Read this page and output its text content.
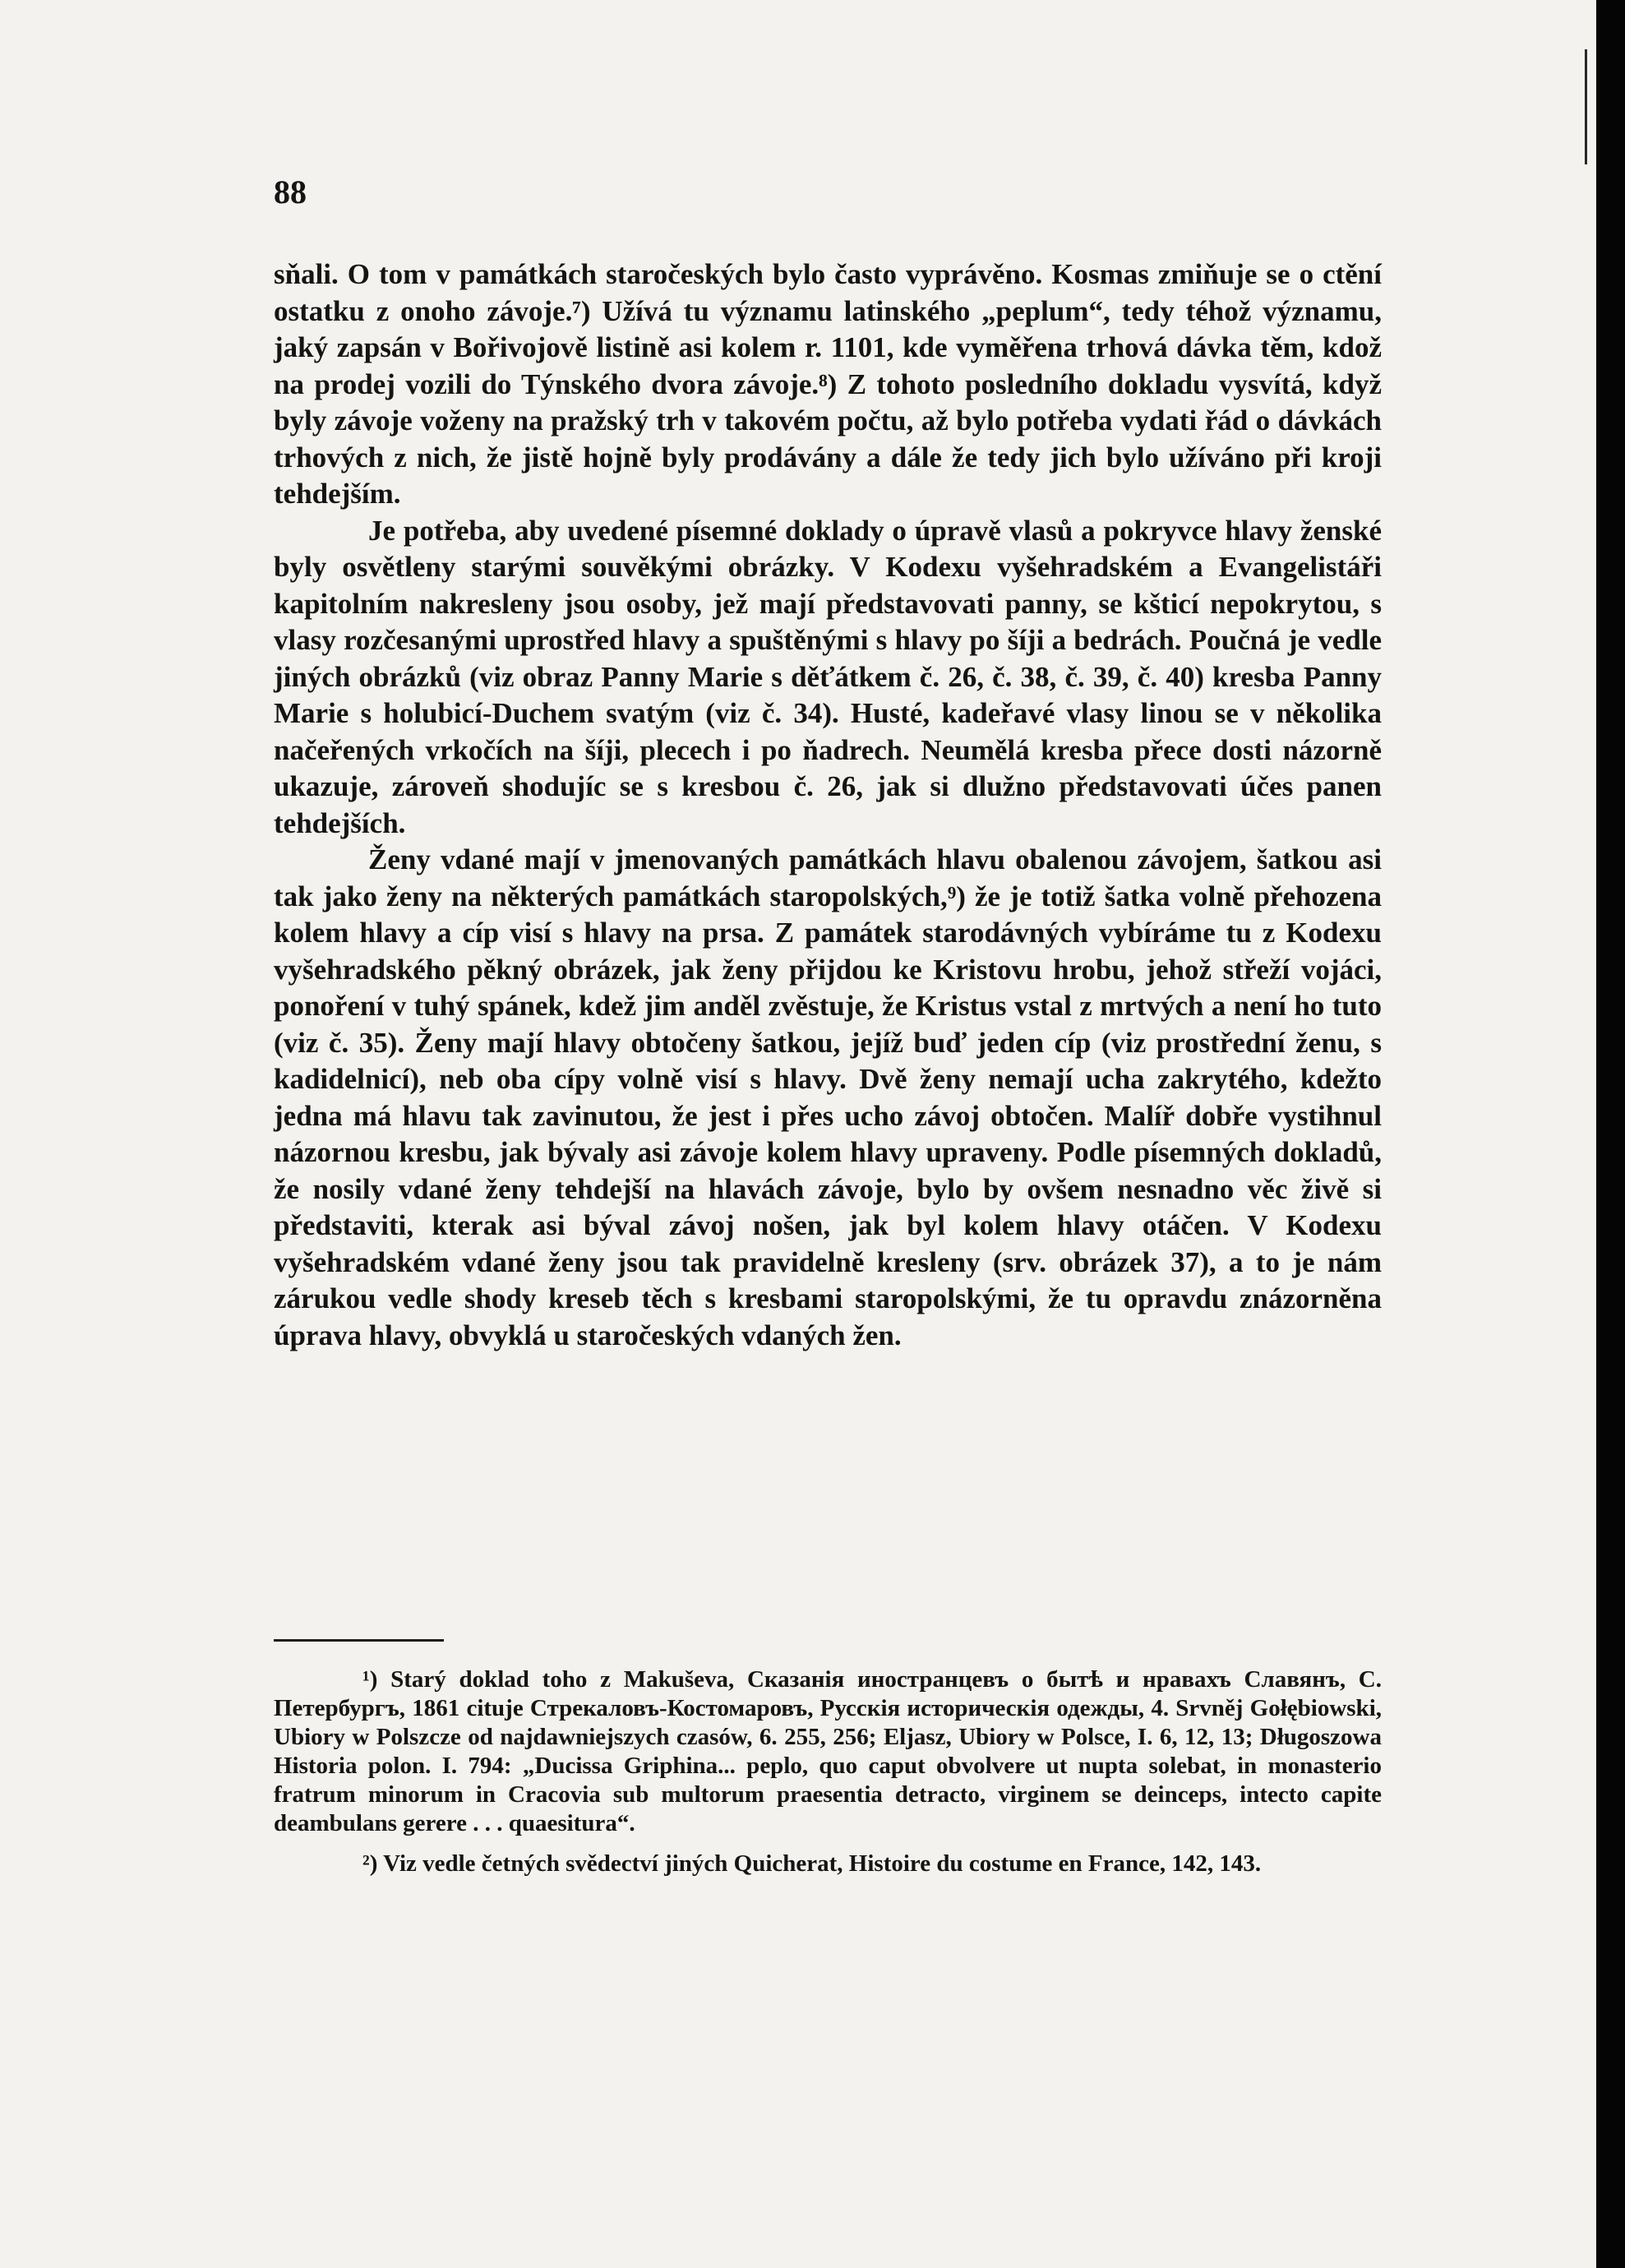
88

sňali. O tom v památkách staročeských bylo často vyprávěno. Kosmas zmiňuje se o ctění ostatku z onoho závoje.⁷) Užívá tu významu latinského „peplum“, tedy téhož významu, jaký zapsán v Bořivojově listině asi kolem r. 1101, kde vyměřena trhová dávka těm, kdož na prodej vozili do Týnského dvora závoje.⁸) Z tohoto posledního dokladu vysvítá, když byly závoje voženy na pražský trh v takovém počtu, až bylo potřeba vydati řád o dávkách trhových z nich, že jistě hojně byly prodávány a dále že tedy jich bylo užíváno při kroji tehdejším.

Je potřeba, aby uvedené písemné doklady o úpravě vlasů a pokryvce hlavy ženské byly osvětleny starými souvěkými obrázky. V Kodexu vyšehradském a Evangelistáři kapitolním nakresleny jsou osoby, jež mají představovati panny, se kšticí nepokrytou, s vlasy rozčesanými uprostřed hlavy a spuštěnými s hlavy po šíji a bedrách. Poučná je vedle jiných obrázků (viz obraz Panny Marie s děťátkem č. 26, č. 38, č. 39, č. 40) kresba Panny Marie s holubicí-Duchem svatým (viz č. 34). Husté, kadeřavé vlasy linou se v několika načeřených vrkočích na šíji, plecech i po ňadrech. Neumělá kresba přece dosti názorně ukazuje, zároveň shodujíc se s kresbou č. 26, jak si dlužno představovati účes panen tehdejších.

Ženy vdané mají v jmenovaných památkách hlavu obalenou závojem, šatkou asi tak jako ženy na některých památkách staropolských,⁹) že je totiž šatka volně přehozena kolem hlavy a cíp visí s hlavy na prsa. Z památek starodávných vybíráme tu z Kodexu vyšehradského pěkný obrázek, jak ženy přijdou ke Kristovu hrobu, jehož střeží vojáci, ponoření v tuhý spánek, kdež jim anděl zvěstuje, že Kristus vstal z mrtvých a není ho tuto (viz č. 35). Ženy mají hlavy obtočeny šatkou, jejíž buď jeden cíp (viz prostřední ženu, s kadidelnicí), neb oba cípy volně visí s hlavy. Dvě ženy nemají ucha zakrytého, kdežto jedna má hlavu tak zavinutou, že jest i přes ucho závoj obtočen. Malíř dobře vystihnul názornou kresbu, jak bývaly asi závoje kolem hlavy upraveny. Podle písemných dokladů, že nosily vdané ženy tehdejší na hlavách závoje, bylo by ovšem nesnadno věc živě si představiti, kterak asi býval závoj nošen, jak byl kolem hlavy otáčen. V Kodexu vyšehradském vdané ženy jsou tak pravidelně kresleny (srv. obrázek 37), a to je nám zárukou vedle shody kreseb těch s kresbami staropolskými, že tu opravdu znázorněna úprava hlavy, obvyklá u staročeských vdaných žen.

¹) Starý doklad toho z Makuševa, Сказанія иностранцевъ о бытѣ и нравахъ Славянъ, С. Петербургъ, 1861 cituje Стрекаловъ-Костомаровъ, Русскія историческія одежды, 4. Srvněj Gołębiowski, Ubiory w Polszcze od najdawniejszych czasów, 6. 255, 256; Eljasz, Ubiory w Polsce, I. 6, 12, 13; Długoszowa Historia polon. I. 794: „Ducissa Griphina... peplo, quo caput obvolvere ut nupta solebat, in monasterio fratrum minorum in Cracovia sub multorum praesentia detracto, virginem se deinceps, intecto capite deambulans gerere . . . quaesitura“.

²) Viz vedle četných svědectví jiných Quicherat, Histoire du costume en France, 142, 143.
